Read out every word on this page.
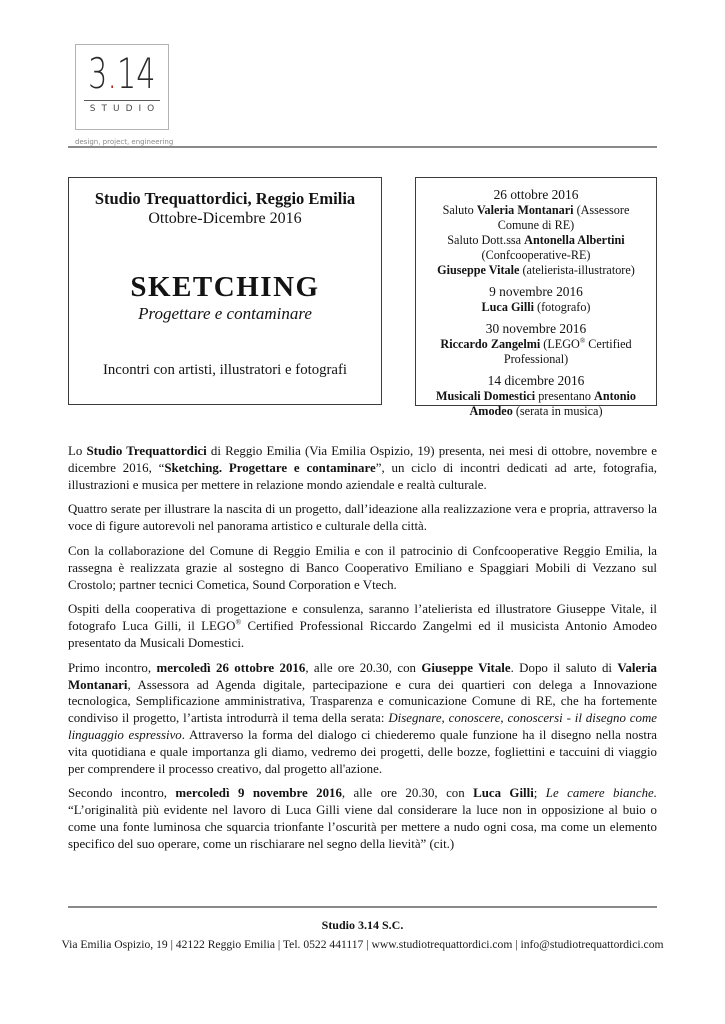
3.14
STUDIO
design, project, engineering
Studio Trequattordici, Reggio Emilia
Ottobre-Dicembre 2016
SKETCHING
Progettare e contaminare
Incontri con artisti, illustratori e fotografi
26 ottobre 2016
Saluto Valeria Montanari (Assessore Comune di RE)
Saluto Dott.ssa Antonella Albertini (Confcooperative-RE)
Giuseppe Vitale (atelierista-illustratore)
9 novembre 2016
Luca Gilli (fotografo)
30 novembre 2016
Riccardo Zangelmi (LEGO® Certified Professional)
14 dicembre 2016
Musicali Domestici presentano Antonio Amodeo (serata in musica)

Lo Studio Trequattordici di Reggio Emilia (Via Emilia Ospizio, 19) presenta, nei mesi di ottobre, novembre e dicembre 2016, “Sketching. Progettare e contaminare”, un ciclo di incontri dedicati ad arte, fotografia, illustrazioni e musica per mettere in relazione mondo aziendale e realtà culturale.

Quattro serate per illustrare la nascita di un progetto, dall’ideazione alla realizzazione vera e propria, attraverso la voce di figure autorevoli nel panorama artistico e culturale della città.

Con la collaborazione del Comune di Reggio Emilia e con il patrocinio di Confcooperative Reggio Emilia, la rassegna è realizzata grazie al sostegno di Banco Cooperativo Emiliano e Spaggiari Mobili di Vezzano sul Crostolo; partner tecnici Cometica, Sound Corporation e Vtech.

Ospiti della cooperativa di progettazione e consulenza, saranno l’atelierista ed illustratore Giuseppe Vitale, il fotografo Luca Gilli, il LEGO® Certified Professional Riccardo Zangelmi ed il musicista Antonio Amodeo presentato da Musicali Domestici.

Primo incontro, mercoledì 26 ottobre 2016, alle ore 20.30, con Giuseppe Vitale. Dopo il saluto di Valeria Montanari, Assessora ad Agenda digitale, partecipazione e cura dei quartieri con delega a Innovazione tecnologica, Semplificazione amministrativa, Trasparenza e comunicazione Comune di RE, che ha fortemente condiviso il progetto, l’artista introdurrà il tema della serata: Disegnare, conoscere, conoscersi - il disegno come linguaggio espressivo. Attraverso la forma del dialogo ci chiederemo quale funzione ha il disegno nella nostra vita quotidiana e quale importanza gli diamo, vedremo dei progetti, delle bozze, fogliettini e taccuini di viaggio per comprendere il processo creativo, dal progetto all'azione.

Secondo incontro, mercoledì 9 novembre 2016, alle ore 20.30, con Luca Gilli; Le camere bianche. “L’originalità più evidente nel lavoro di Luca Gilli viene dal considerare la luce non in opposizione al buio o come una fonte luminosa che squarcia trionfante l’oscurità per mettere a nudo ogni cosa, ma come un elemento specifico del suo operare, come un rischiarare nel segno della lievità” (cit.)

Studio 3.14 S.C.
Via Emilia Ospizio, 19 | 42122 Reggio Emilia | Tel. 0522 441117 | www.studiotrequattordici.com | info@studiotrequattordici.com
